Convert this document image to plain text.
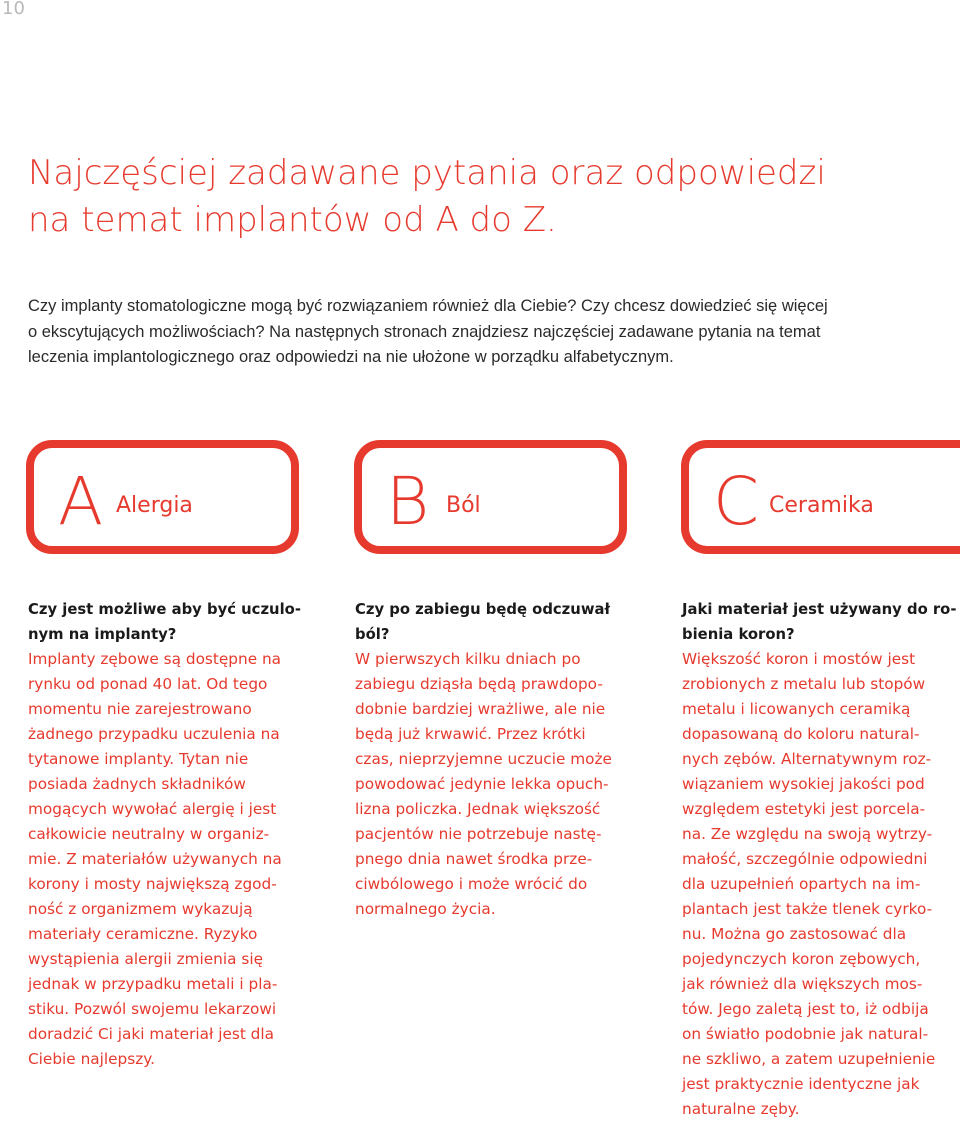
10
Najczęściej zadawane pytania oraz odpowiedzi
na temat implantów od A do Z.

Czy implanty stomatologiczne mogą być rozwiązaniem również dla Ciebie? Czy chcesz dowiedzieć się więcej
o ekscytujących możliwościach? Na następnych stronach znajdziesz najczęściej zadawane pytania na temat
leczenia implantologicznego oraz odpowiedzi na nie ułożone w porządku alfabetycznym.

A Alergia	B Ból	C Ceramika
Czy jest możliwe aby być uczulo-
nym na implanty?
Implanty zębowe są dostępne na
rynku od ponad 40 lat. Od tego
momentu nie zarejestrowano
żadnego przypadku uczulenia na
tytanowe implanty. Tytan nie
posiada żadnych składników
mogących wywołać alergię i jest
całkowicie neutralny w organiz-
mie. Z materiałów używanych na
korony i mosty największą zgod-
ność z organizmem wykazują
materiały ceramiczne. Ryzyko
wystąpienia alergii zmienia się
jednak w przypadku metali i pla-
stiku. Pozwól swojemu lekarzowi
doradzić Ci jaki materiał jest dla
Ciebie najlepszy.
Czy po zabiegu będę odczuwał
ból?
W pierwszych kilku dniach po
zabiegu dziąsła będą prawdopo-
dobnie bardziej wrażliwe, ale nie
będą już krwawić. Przez krótki
czas, nieprzyjemne uczucie może
powodować jedynie lekka opuch-
lizna policzka. Jednak większość
pacjentów nie potrzebuje nastę-
pnego dnia nawet środka prze-
ciwbólowego i może wrócić do
normalnego życia.
Jaki materiał jest używany do ro-
bienia koron?
Większość koron i mostów jest
zrobionych z metalu lub stopów
metalu i licowanych ceramiką
dopasowaną do koloru natural-
nych zębów. Alternatywnym roz-
wiązaniem wysokiej jakości pod
względem estetyki jest porcela-
na. Ze względu na swoją wytrzy-
małość, szczególnie odpowiedni
dla uzupełnień opartych na im-
plantach jest także tlenek cyrko-
nu. Można go zastosować dla
pojedynczych koron zębowych,
jak również dla większych mos-
tów. Jego zaletą jest to, iż odbija
on światło podobnie jak natural-
ne szkliwo, a zatem uzupełnienie
jest praktycznie identyczne jak
naturalne zęby.
